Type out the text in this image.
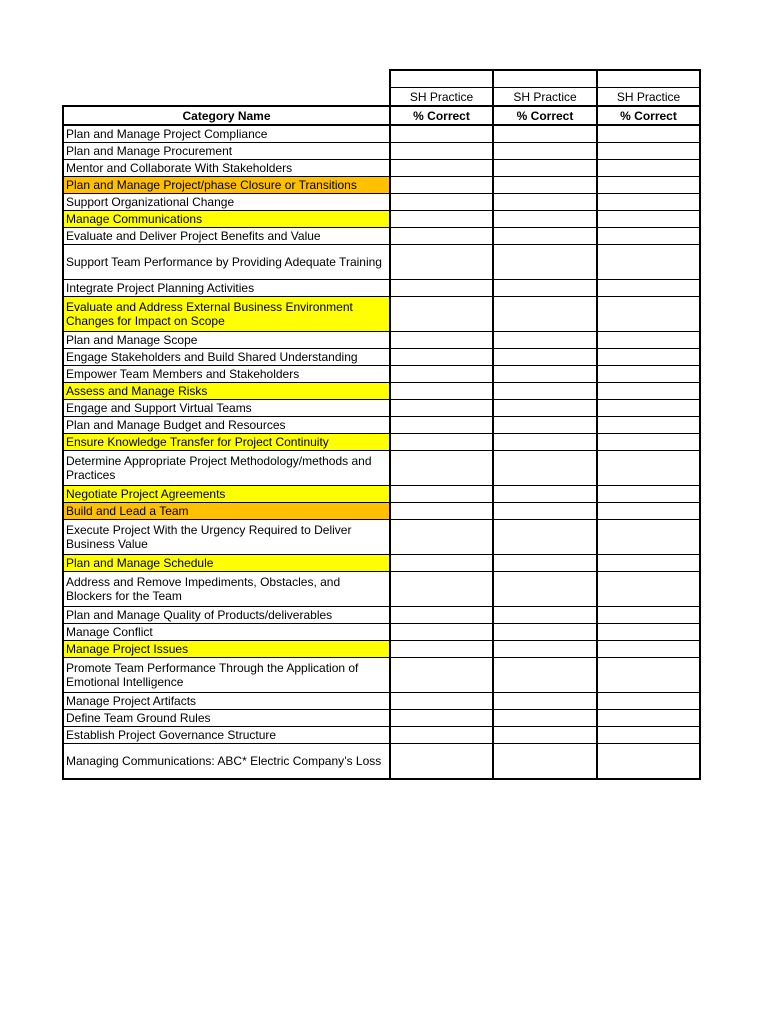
	SH Practice	SH Practice	SH Practice
Category Name	% Correct	% Correct	% Correct
Plan and Manage Project Compliance			
Plan and Manage Procurement			
Mentor and Collaborate With Stakeholders			
Plan and Manage Project/phase Closure or Transitions			
Support Organizational Change			
Manage Communications			
Evaluate and Deliver Project Benefits and Value			
Support Team Performance by Providing Adequate Training			
Integrate Project Planning Activities			
Evaluate and Address External Business Environment Changes for Impact on Scope			
Plan and Manage Scope			
Engage Stakeholders and Build Shared Understanding			
Empower Team Members and Stakeholders			
Assess and Manage Risks			
Engage and Support Virtual Teams			
Plan and Manage Budget and Resources			
Ensure Knowledge Transfer for Project Continuity			
Determine Appropriate Project Methodology/methods and Practices			
Negotiate Project Agreements			
Build and Lead a Team			
Execute Project With the Urgency Required to Deliver Business Value			
Plan and Manage Schedule			
Address and Remove Impediments, Obstacles, and Blockers for the Team			
Plan and Manage Quality of Products/deliverables			
Manage Conflict			
Manage Project Issues			
Promote Team Performance Through the Application of Emotional Intelligence			
Manage Project Artifacts			
Define Team Ground Rules			
Establish Project Governance Structure			
Managing Communications: ABC* Electric Company’s Loss			
